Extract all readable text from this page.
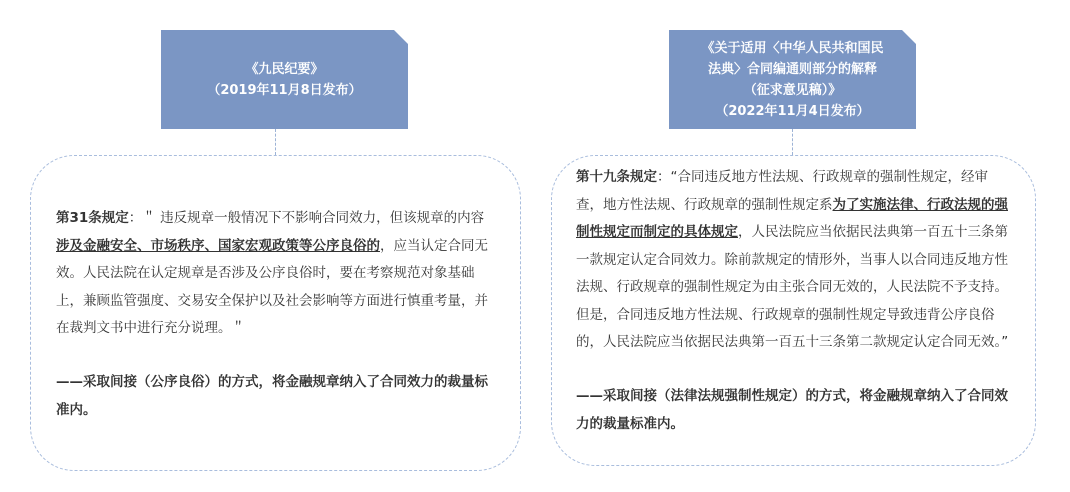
《九民纪要》
（2019年11月8日发布）
《关于适用〈中华人民共和国民
法典〉合同编通则部分的解释
（征求意见稿）》
（2022年11月4日发布）
第31条规定：＂ 违反规章一般情况下不影响合同效力，但该规章的内容涉及金融安全、市场秩序、国家宏观政策等公序良俗的，应当认定合同无效。人民法院在认定规章是否涉及公序良俗时，要在考察规范对象基础上，兼顾监管强度、交易安全保护以及社会影响等方面进行慎重考量，并在裁判文书中进行充分说理。＂
——采取间接（公序良俗）的方式，将金融规章纳入了合同效力的裁量标准内。
第十九条规定：“合同违反地方性法规、行政规章的强制性规定，经审查，地方性法规、行政规章的强制性规定系为了实施法律、行政法规的强制性规定而制定的具体规定，人民法院应当依据民法典第一百五十三条第一款规定认定合同效力。除前款规定的情形外，当事人以合同违反地方性法规、行政规章的强制性规定为由主张合同无效的，人民法院不予支持。但是，合同违反地方性法规、行政规章的强制性规定导致违背公序良俗的，人民法院应当依据民法典第一百五十三条第二款规定认定合同无效。”
——采取间接（法律法规强制性规定）的方式，将金融规章纳入了合同效力的裁量标准内。
